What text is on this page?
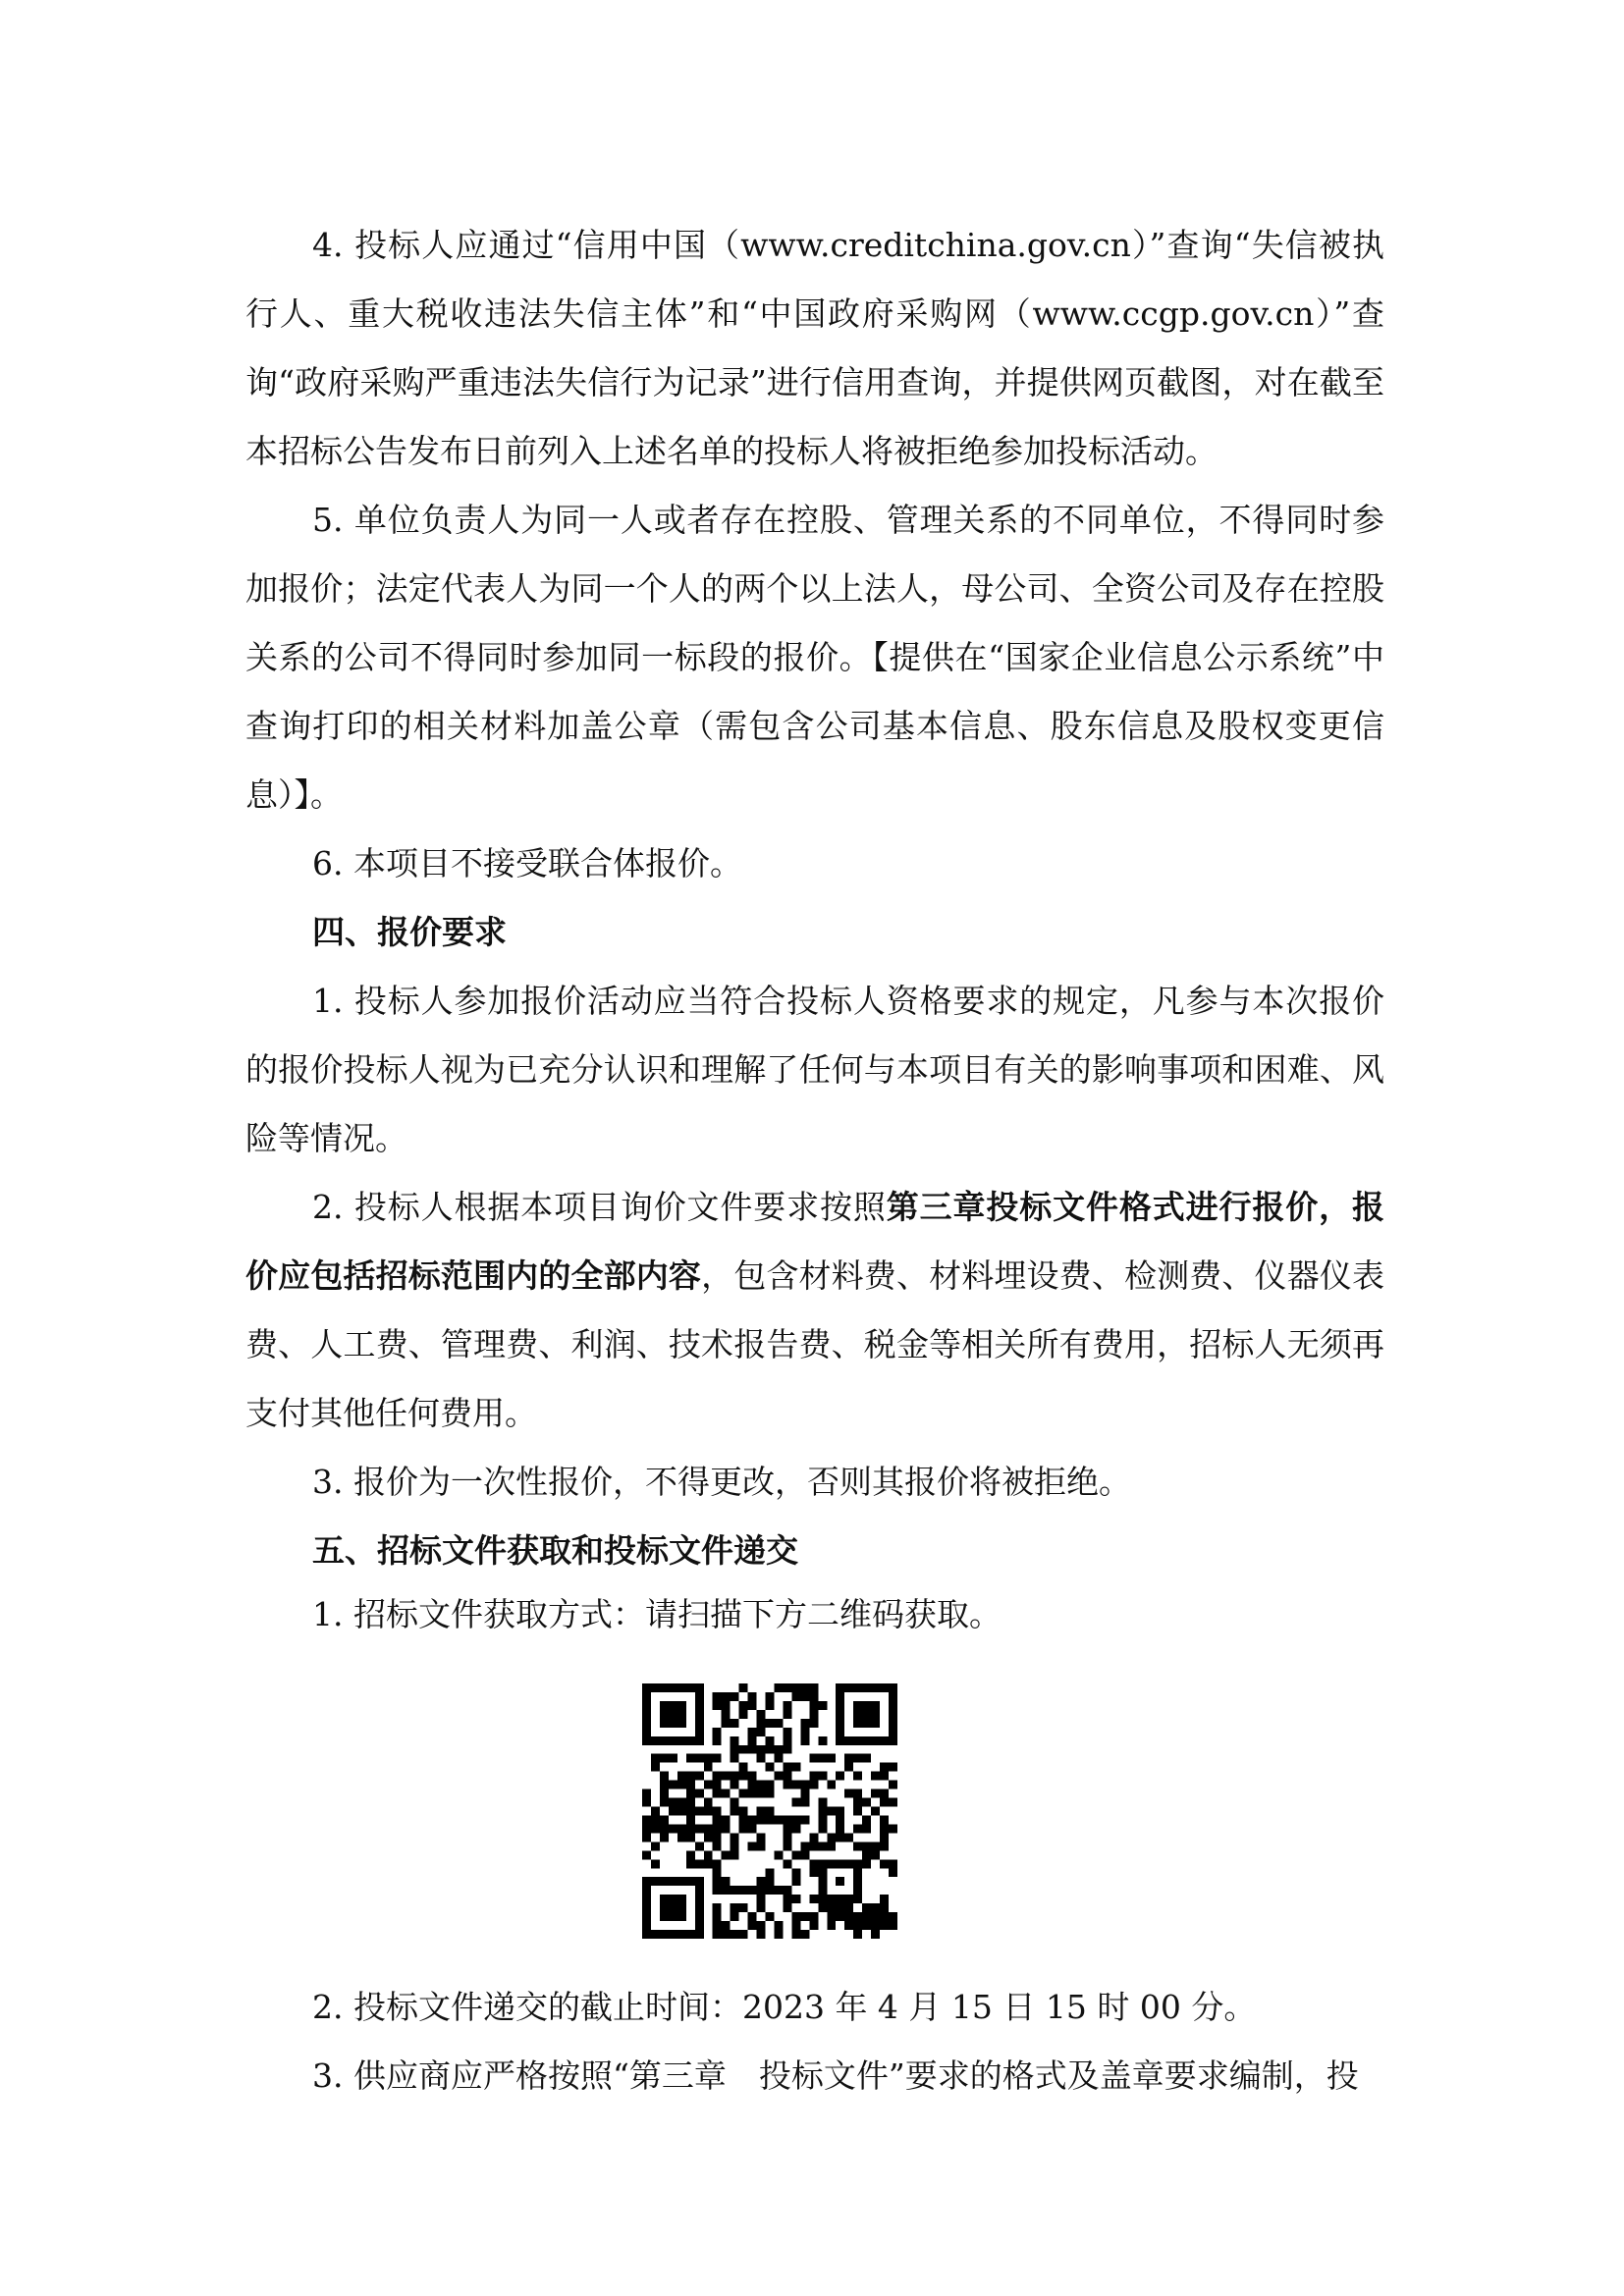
4. 投标人应通过“信用中国（www.creditchina.gov.cn）”查询“失信被执行人、重大税收违法失信主体”和“中国政府采购网（www.ccgp.gov.cn）”查询“政府采购严重违法失信行为记录”进行信用查询，并提供网页截图，对在截至本招标公告发布日前列入上述名单的投标人将被拒绝参加投标活动。

5. 单位负责人为同一人或者存在控股、管理关系的不同单位，不得同时参加报价；法定代表人为同一个人的两个以上法人，母公司、全资公司及存在控股关系的公司不得同时参加同一标段的报价。【提供在“国家企业信息公示系统”中查询打印的相关材料加盖公章（需包含公司基本信息、股东信息及股权变更信息）】。

6. 本项目不接受联合体报价。

四、报价要求

1. 投标人参加报价活动应当符合投标人资格要求的规定，凡参与本次报价的报价投标人视为已充分认识和理解了任何与本项目有关的影响事项和困难、风险等情况。

2. 投标人根据本项目询价文件要求按照第三章投标文件格式进行报价，报价应包括招标范围内的全部内容，包含材料费、材料埋设费、检测费、仪器仪表费、人工费、管理费、利润、技术报告费、税金等相关所有费用，招标人无须再支付其他任何费用。

3. 报价为一次性报价，不得更改，否则其报价将被拒绝。

五、招标文件获取和投标文件递交

1. 招标文件获取方式：请扫描下方二维码获取。

2. 投标文件递交的截止时间：2023 年 4 月 15 日 15 时 00 分。

3. 供应商应严格按照“第三章　投标文件”要求的格式及盖章要求编制，投
